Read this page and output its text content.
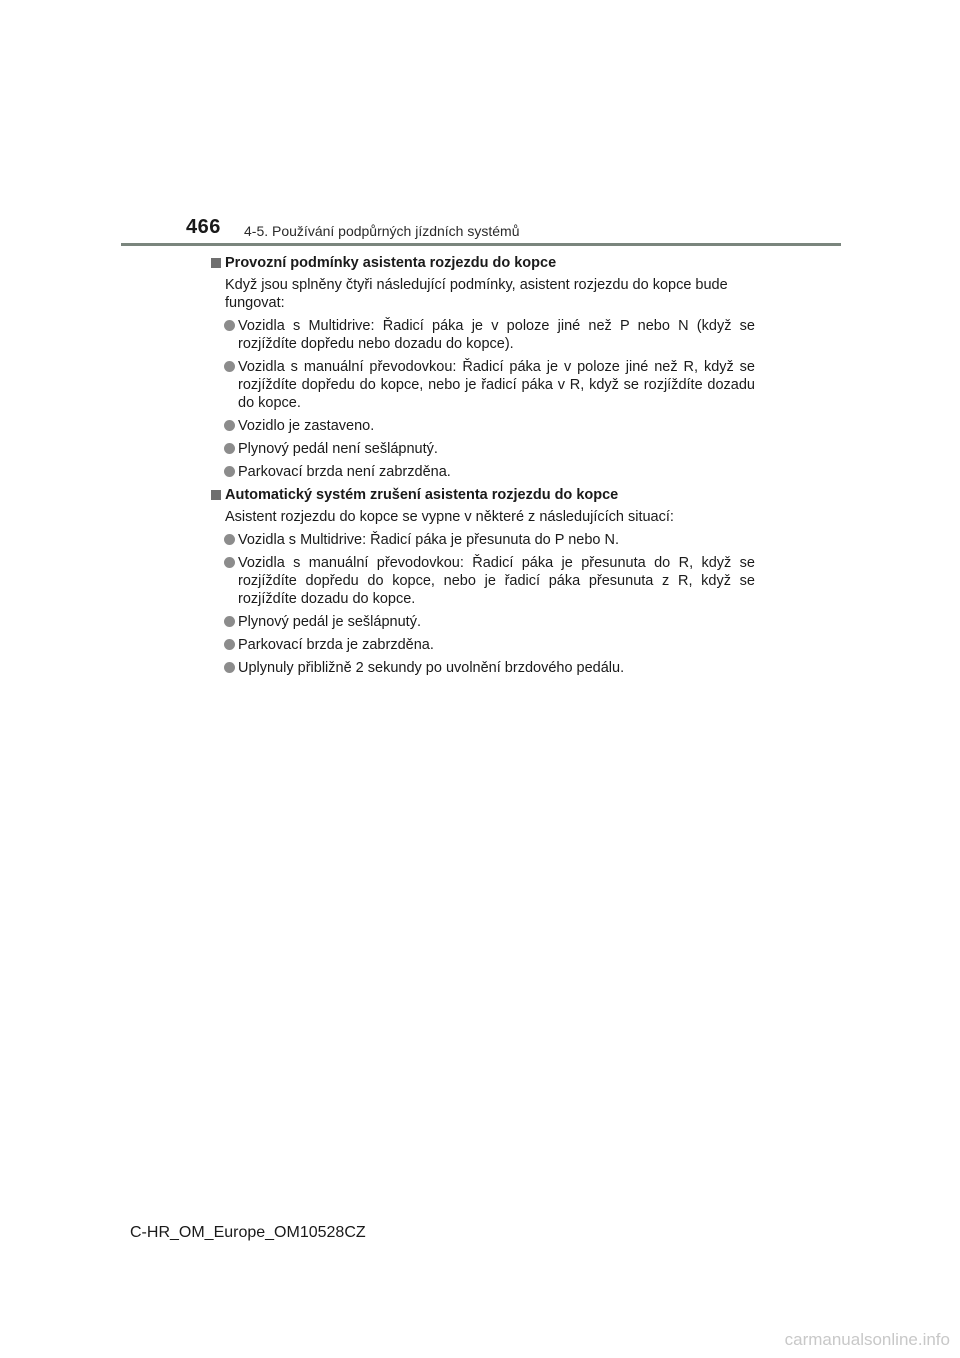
466 4-5. Používání podpůrných jízdních systémů
Provozní podmínky asistenta rozjezdu do kopce
Když jsou splněny čtyři následující podmínky, asistent rozjezdu do kopce bude fungovat:
Vozidla s Multidrive: Řadicí páka je v poloze jiné než P nebo N (když se rozjíždíte dopředu nebo dozadu do kopce).
Vozidla s manuální převodovkou: Řadicí páka je v poloze jiné než R, když se rozjíždíte dopředu do kopce, nebo je řadicí páka v R, když se rozjíždíte dozadu do kopce.
Vozidlo je zastaveno.
Plynový pedál není sešlápnutý.
Parkovací brzda není zabrzděna.
Automatický systém zrušení asistenta rozjezdu do kopce
Asistent rozjezdu do kopce se vypne v některé z následujících situací:
Vozidla s Multidrive: Řadicí páka je přesunuta do P nebo N.
Vozidla s manuální převodovkou: Řadicí páka je přesunuta do R, když se rozjíždíte dopředu do kopce, nebo je řadicí páka přesunuta z R, když se rozjíždíte dozadu do kopce.
Plynový pedál je sešlápnutý.
Parkovací brzda je zabrzděna.
Uplynuly přibližně 2 sekundy po uvolnění brzdového pedálu.
C-HR_OM_Europe_OM10528CZ
carmanualsonline.info
